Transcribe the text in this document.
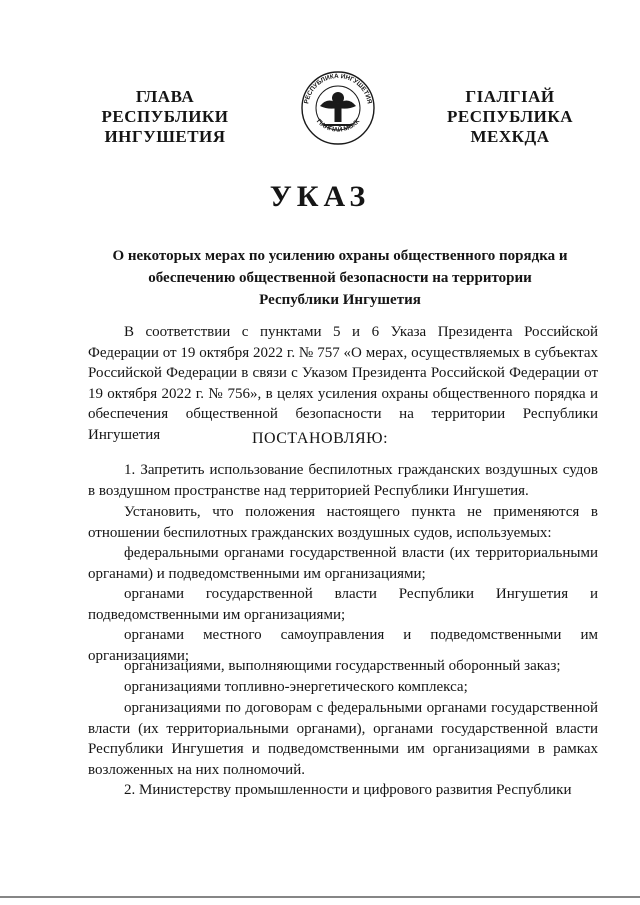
ГЛАВА
РЕСПУБЛИКИ
ИНГУШЕТИЯ
РЕСПУБЛИКА ИНГУШЕТИЯ
ГIАЛГIАЙ МОХК
ГIАЛГIАЙ
РЕСПУБЛИКА
МЕХКДА
УКАЗ
О некоторых мерах по усилению охраны общественного порядка и
обеспечению общественной безопасности на территории
Республики Ингушетия

В соответствии с пунктами 5 и 6 Указа Президента Российской Федерации от 19 октября 2022 г. № 757 «О мерах, осуществляемых в субъектах Российской Федерации в связи с Указом Президента Российской Федерации от 19 октября 2022 г. № 756», в целях усиления охраны общественного порядка и обеспечения общественной безопасности на территории Республики Ингушетия	ПОСТАНОВЛЯЮ:

1. Запретить использование беспилотных гражданских воздушных судов в воздушном пространстве над территорией Республики Ингушетия.

Установить, что положения настоящего пункта не применяются в отношении беспилотных гражданских воздушных судов, используемых:

федеральными органами государственной власти (их территориальными органами) и подведомственными им организациями;

органами государственной власти Республики Ингушетия и подведомственными им организациями;

органами местного самоуправления и подведомственными им организациями;

организациями, выполняющими государственный оборонный заказ;

организациями топливно-энергетического комплекса;

организациями по договорам с федеральными органами государственной власти (их территориальными органами), органами государственной власти Республики Ингушетия и подведомственными им организациями в рамках возложенных на них полномочий.

2. Министерству промышленности и цифрового развития Республики
